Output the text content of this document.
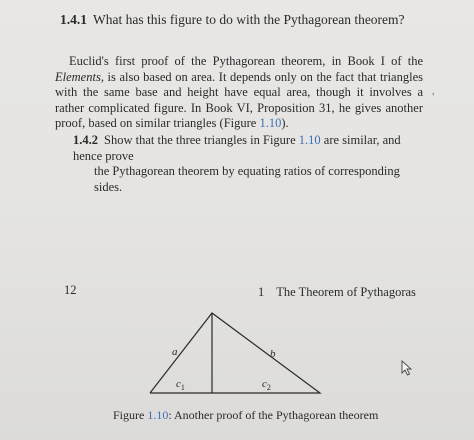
1.4.1 What has this figure to do with the Pythagorean theorem?

Euclid's first proof of the Pythagorean theorem, in Book I of the Elements, is also based on area. It depends only on the fact that triangles with the same base and height have equal area, though it involves a rather complicated figure. In Book VI, Proposition 31, he gives another proof, based on similar triangles (Figure 1.10).

,

1.4.2 Show that the three triangles in Figure 1.10 are similar, and hence prove
the Pythagorean theorem by equating ratios of corresponding sides.

12	1 The Theorem of Pythagoras

a	b
$c_1$	$c_2$

Figure 1.10: Another proof of the Pythagorean theorem
